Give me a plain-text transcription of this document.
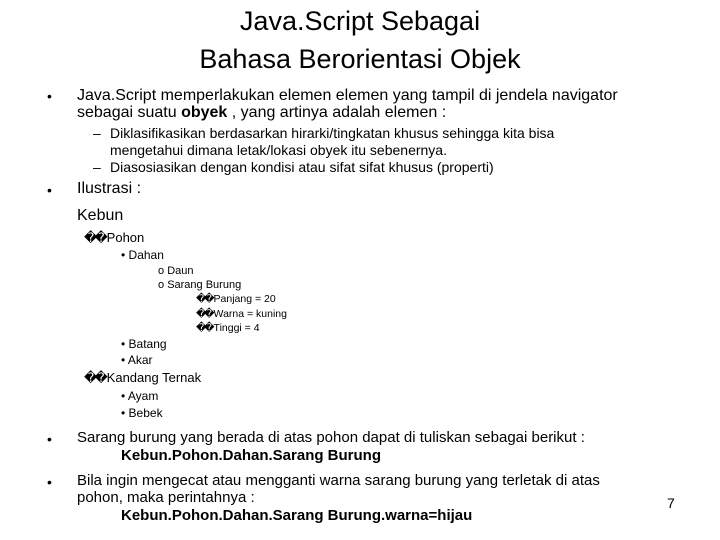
Java.Script Sebagai
Bahasa Berorientasi Objek
• Java.Script memperlakukan elemen elemen yang tampil di jendela navigator
sebagai suatu obyek , yang artinya adalah elemen :
– Diklasifikasikan berdasarkan hirarki/tingkatan khusus sehingga kita bisa
mengetahui dimana letak/lokasi obyek itu sebenernya.
– Diasosiasikan dengan kondisi atau sifat sifat khusus (properti)
• Ilustrasi :
Kebun
�� Pohon
• Dahan
o Daun
o Sarang Burung
�� Panjang = 20
�� Warna = kuning
�� Tinggi = 4
• Batang
• Akar
�� Kandang Ternak
• Ayam
• Bebek
• Sarang burung yang berada di atas pohon dapat di tuliskan sebagai berikut :
Kebun.Pohon.Dahan.Sarang Burung
• Bila ingin mengecat atau mengganti warna sarang burung yang terletak di atas
pohon, maka perintahnya :
Kebun.Pohon.Dahan.Sarang Burung.warna=hijau
7
